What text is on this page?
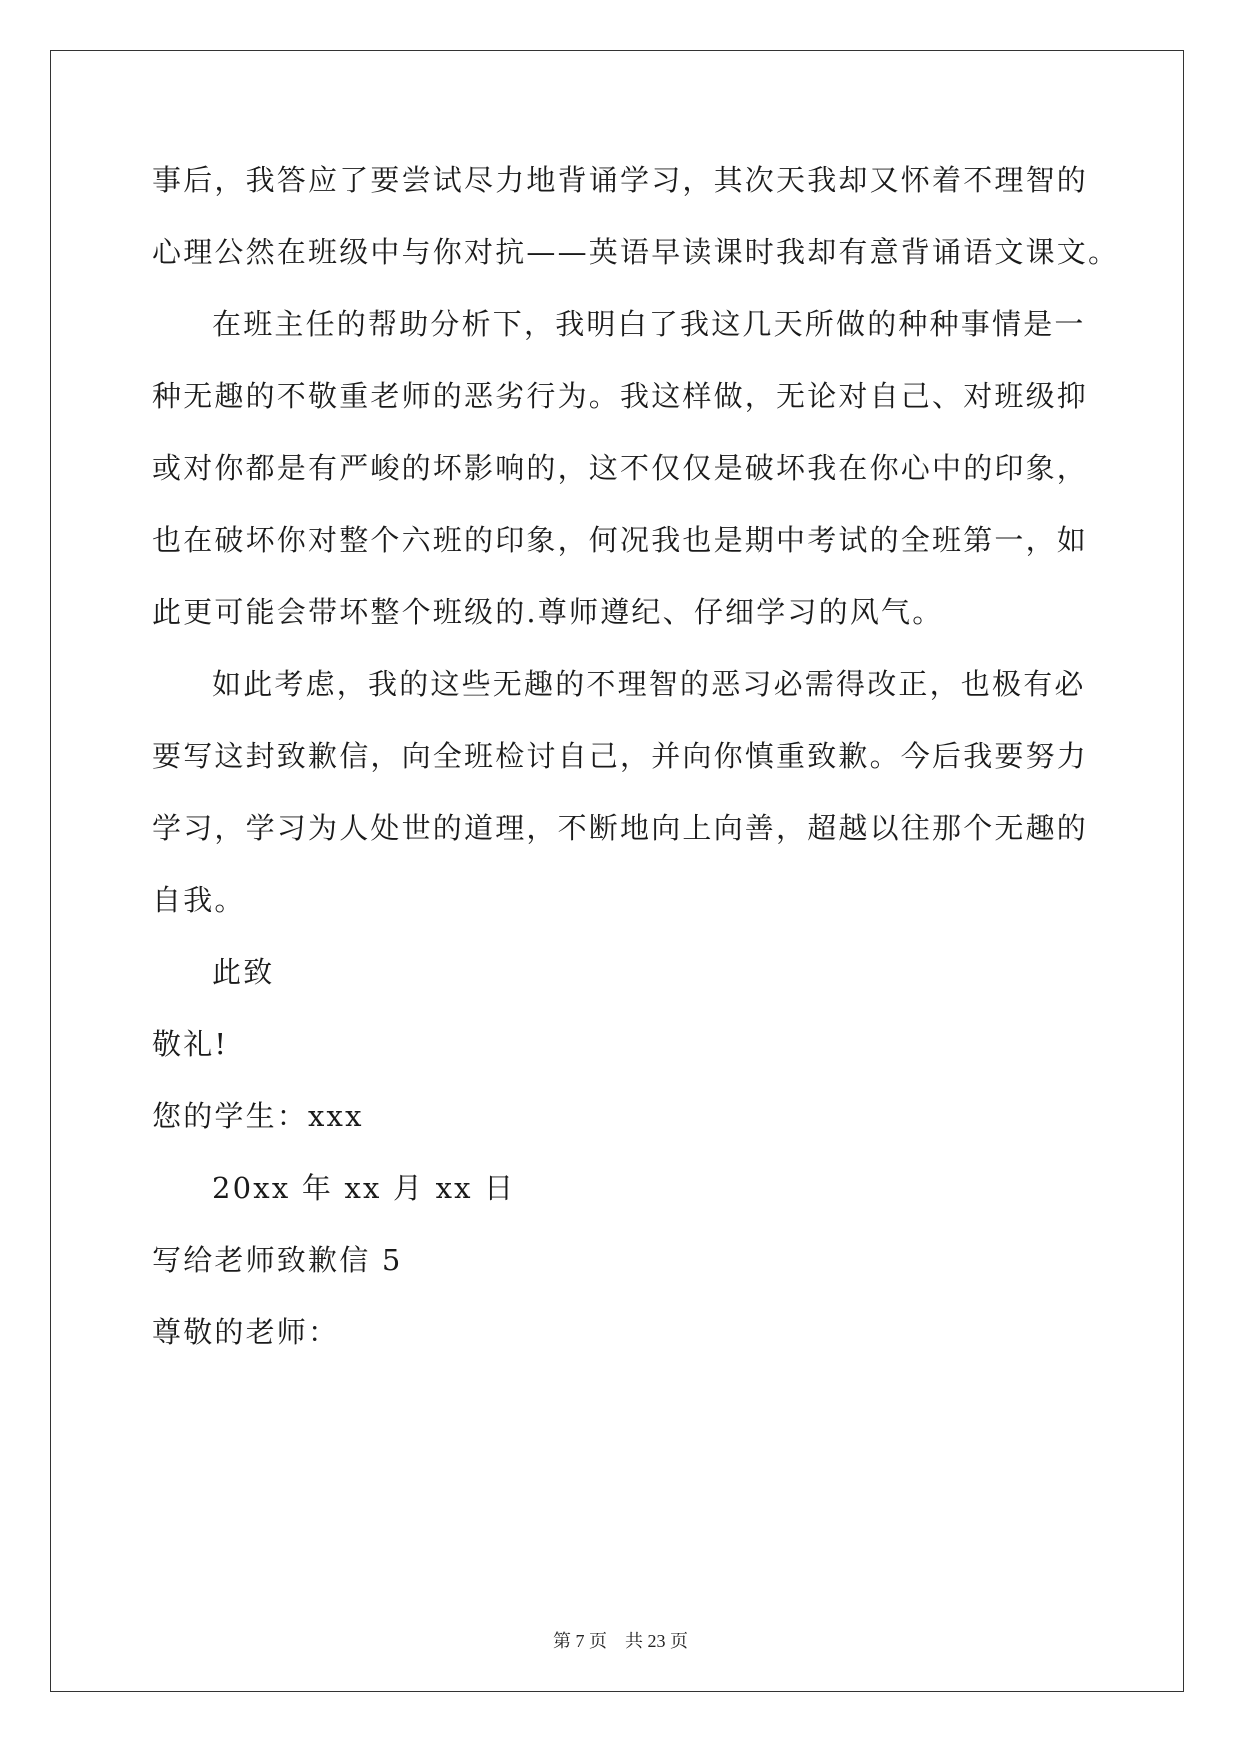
事后，我答应了要尝试尽力地背诵学习，其次天我却又怀着不理智的
心理公然在班级中与你对抗——英语早读课时我却有意背诵语文课文。
在班主任的帮助分析下，我明白了我这几天所做的种种事情是一
种无趣的不敬重老师的恶劣行为。我这样做，无论对自己、对班级抑
或对你都是有严峻的坏影响的，这不仅仅是破坏我在你心中的印象，
也在破坏你对整个六班的印象，何况我也是期中考试的全班第一，如
此更可能会带坏整个班级的.尊师遵纪、仔细学习的风气。
如此考虑，我的这些无趣的不理智的恶习必需得改正，也极有必
要写这封致歉信，向全班检讨自己，并向你慎重致歉。今后我要努力
学习，学习为人处世的道理，不断地向上向善，超越以往那个无趣的
自我。
此致
敬礼!
您的学生：xxx
20xx 年 xx 月 xx 日
写给老师致歉信 5
尊敬的老师：
第 7 页 共 23 页
